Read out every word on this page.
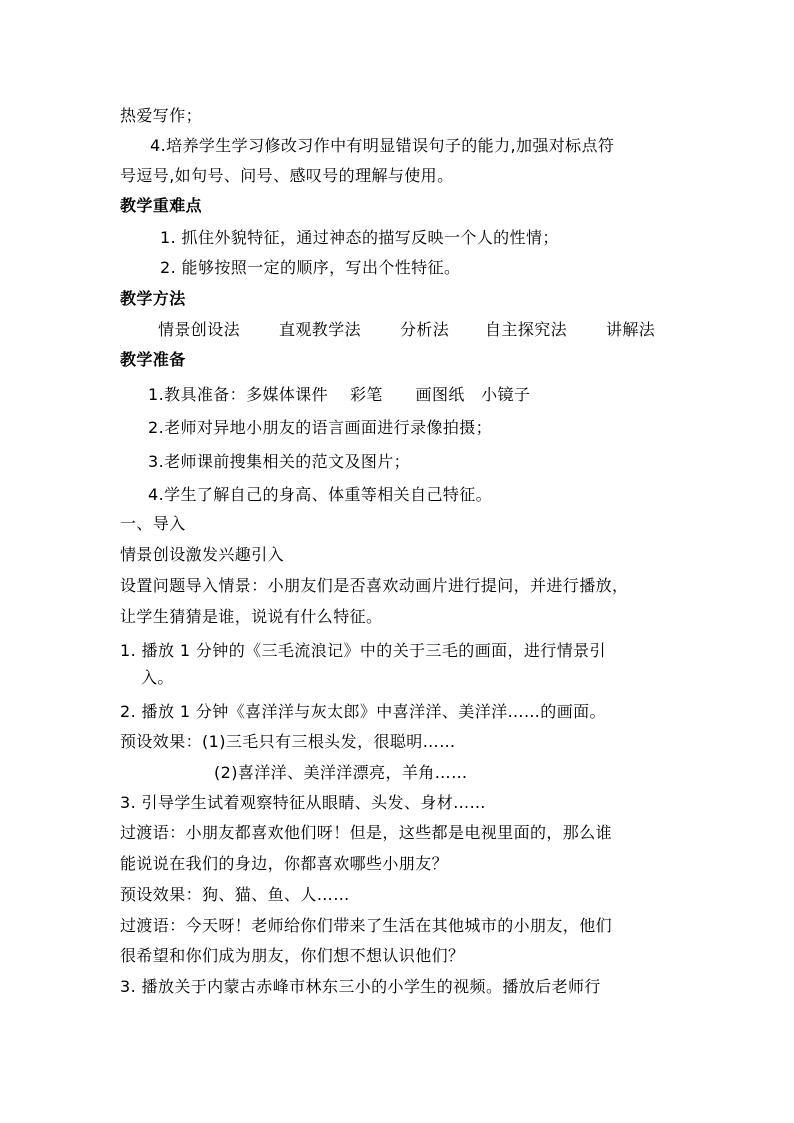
热爱写作；
4.培养学生学习修改习作中有明显错误句子的能力,加强对标点符
号逗号,如句号、问号、感叹号的理解与使用。
教学重难点
1. 抓住外貌特征，通过神态的描写反映一个人的性情；
2. 能够按照一定的顺序，写出个性特征。
教学方法
情景创设法 直观教学法 分析法 自主探究法 讲解法
教学准备
1.教具准备：多媒体课件　 彩笔　　画图纸　小镜子
2.老师对异地小朋友的语言画面进行录像拍摄；
3.老师课前搜集相关的范文及图片；
4.学生了解自己的身高、体重等相关自己特征。
一、导入
情景创设激发兴趣引入
设置问题导入情景：小朋友们是否喜欢动画片进行提问，并进行播放，
让学生猜猜是谁，说说有什么特征。
1. 播放 1 分钟的《三毛流浪记》中的关于三毛的画面，进行情景引
入。
2. 播放 1 分钟《喜洋洋与灰太郎》中喜洋洋、美洋洋……的画面。
预设效果：(1)三毛只有三根头发，很聪明……
(2)喜洋洋、美洋洋漂亮，羊角……
3. 引导学生试着观察特征从眼睛、头发、身材……
过渡语：小朋友都喜欢他们呀！但是，这些都是电视里面的，那么谁
能说说在我们的身边，你都喜欢哪些小朋友？
预设效果：狗、猫、鱼、人……
过渡语：今天呀！老师给你们带来了生活在其他城市的小朋友，他们
很希望和你们成为朋友，你们想不想认识他们？
3. 播放关于内蒙古赤峰市林东三小的小学生的视频。播放后老师行
